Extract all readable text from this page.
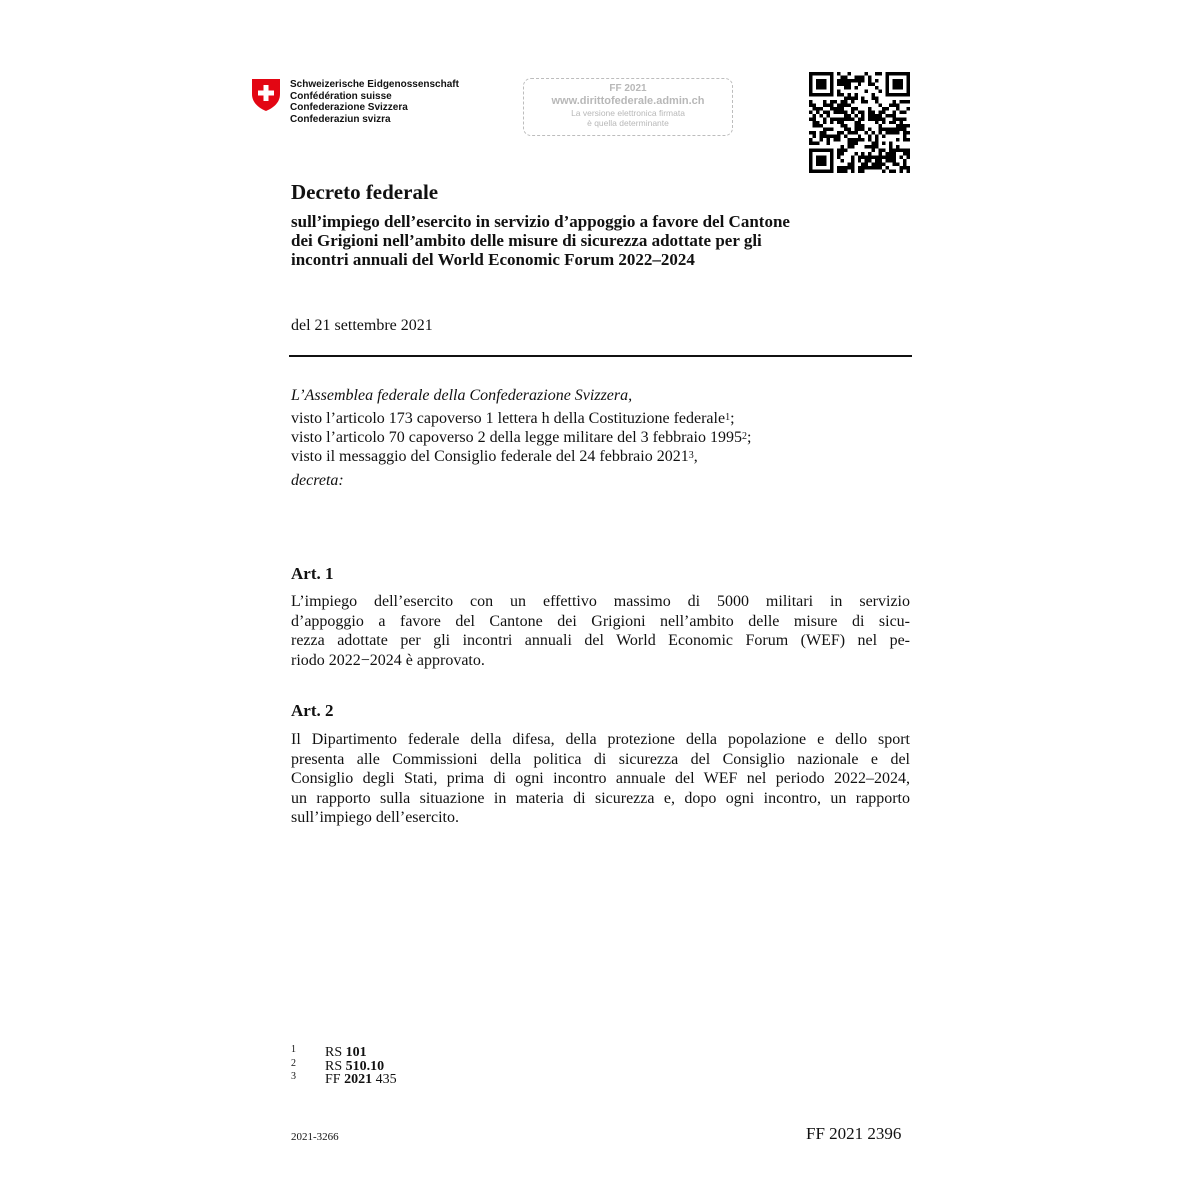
Schweizerische Eidgenossenschaft
Confédération suisse
Confederazione Svizzera
Confederaziun svizra
FF 2021
www.dirittofederale.admin.ch
La versione elettronica firmata
è quella determinante
Decreto federale
sull’impiego dell’esercito in servizio d’appoggio a favore del Cantone
dei Grigioni nell’ambito delle misure di sicurezza adottate per gli
incontri annuali del World Economic Forum 2022–2024
del 21 settembre 2021
L’Assemblea federale della Confederazione Svizzera,
visto l’articolo 173 capoverso 1 lettera h della Costituzione federale$^1$;
visto l’articolo 70 capoverso 2 della legge militare del 3 febbraio 1995$^2$;
visto il messaggio del Consiglio federale del 24 febbraio 2021$^3$,
decreta:
Art. 1
L’impiego dell’esercito con un effettivo massimo di 5000 militari in servizio
d’appoggio a favore del Cantone dei Grigioni nell’ambito delle misure di sicu-
rezza adottate per gli incontri annuali del World Economic Forum (WEF) nel pe-
riodo 2022−2024 è approvato.
Art. 2
Il Dipartimento federale della difesa, della protezione della popolazione e dello sport
presenta alle Commissioni della politica di sicurezza del Consiglio nazionale e del
Consiglio degli Stati, prima di ogni incontro annuale del WEF nel periodo 2022–2024,
un rapporto sulla situazione in materia di sicurezza e, dopo ogni incontro, un rapporto
sull’impiego dell’esercito.
1 RS 101
2 RS 510.10
3 FF 2021 435
2021-3266	FF 2021 2396
